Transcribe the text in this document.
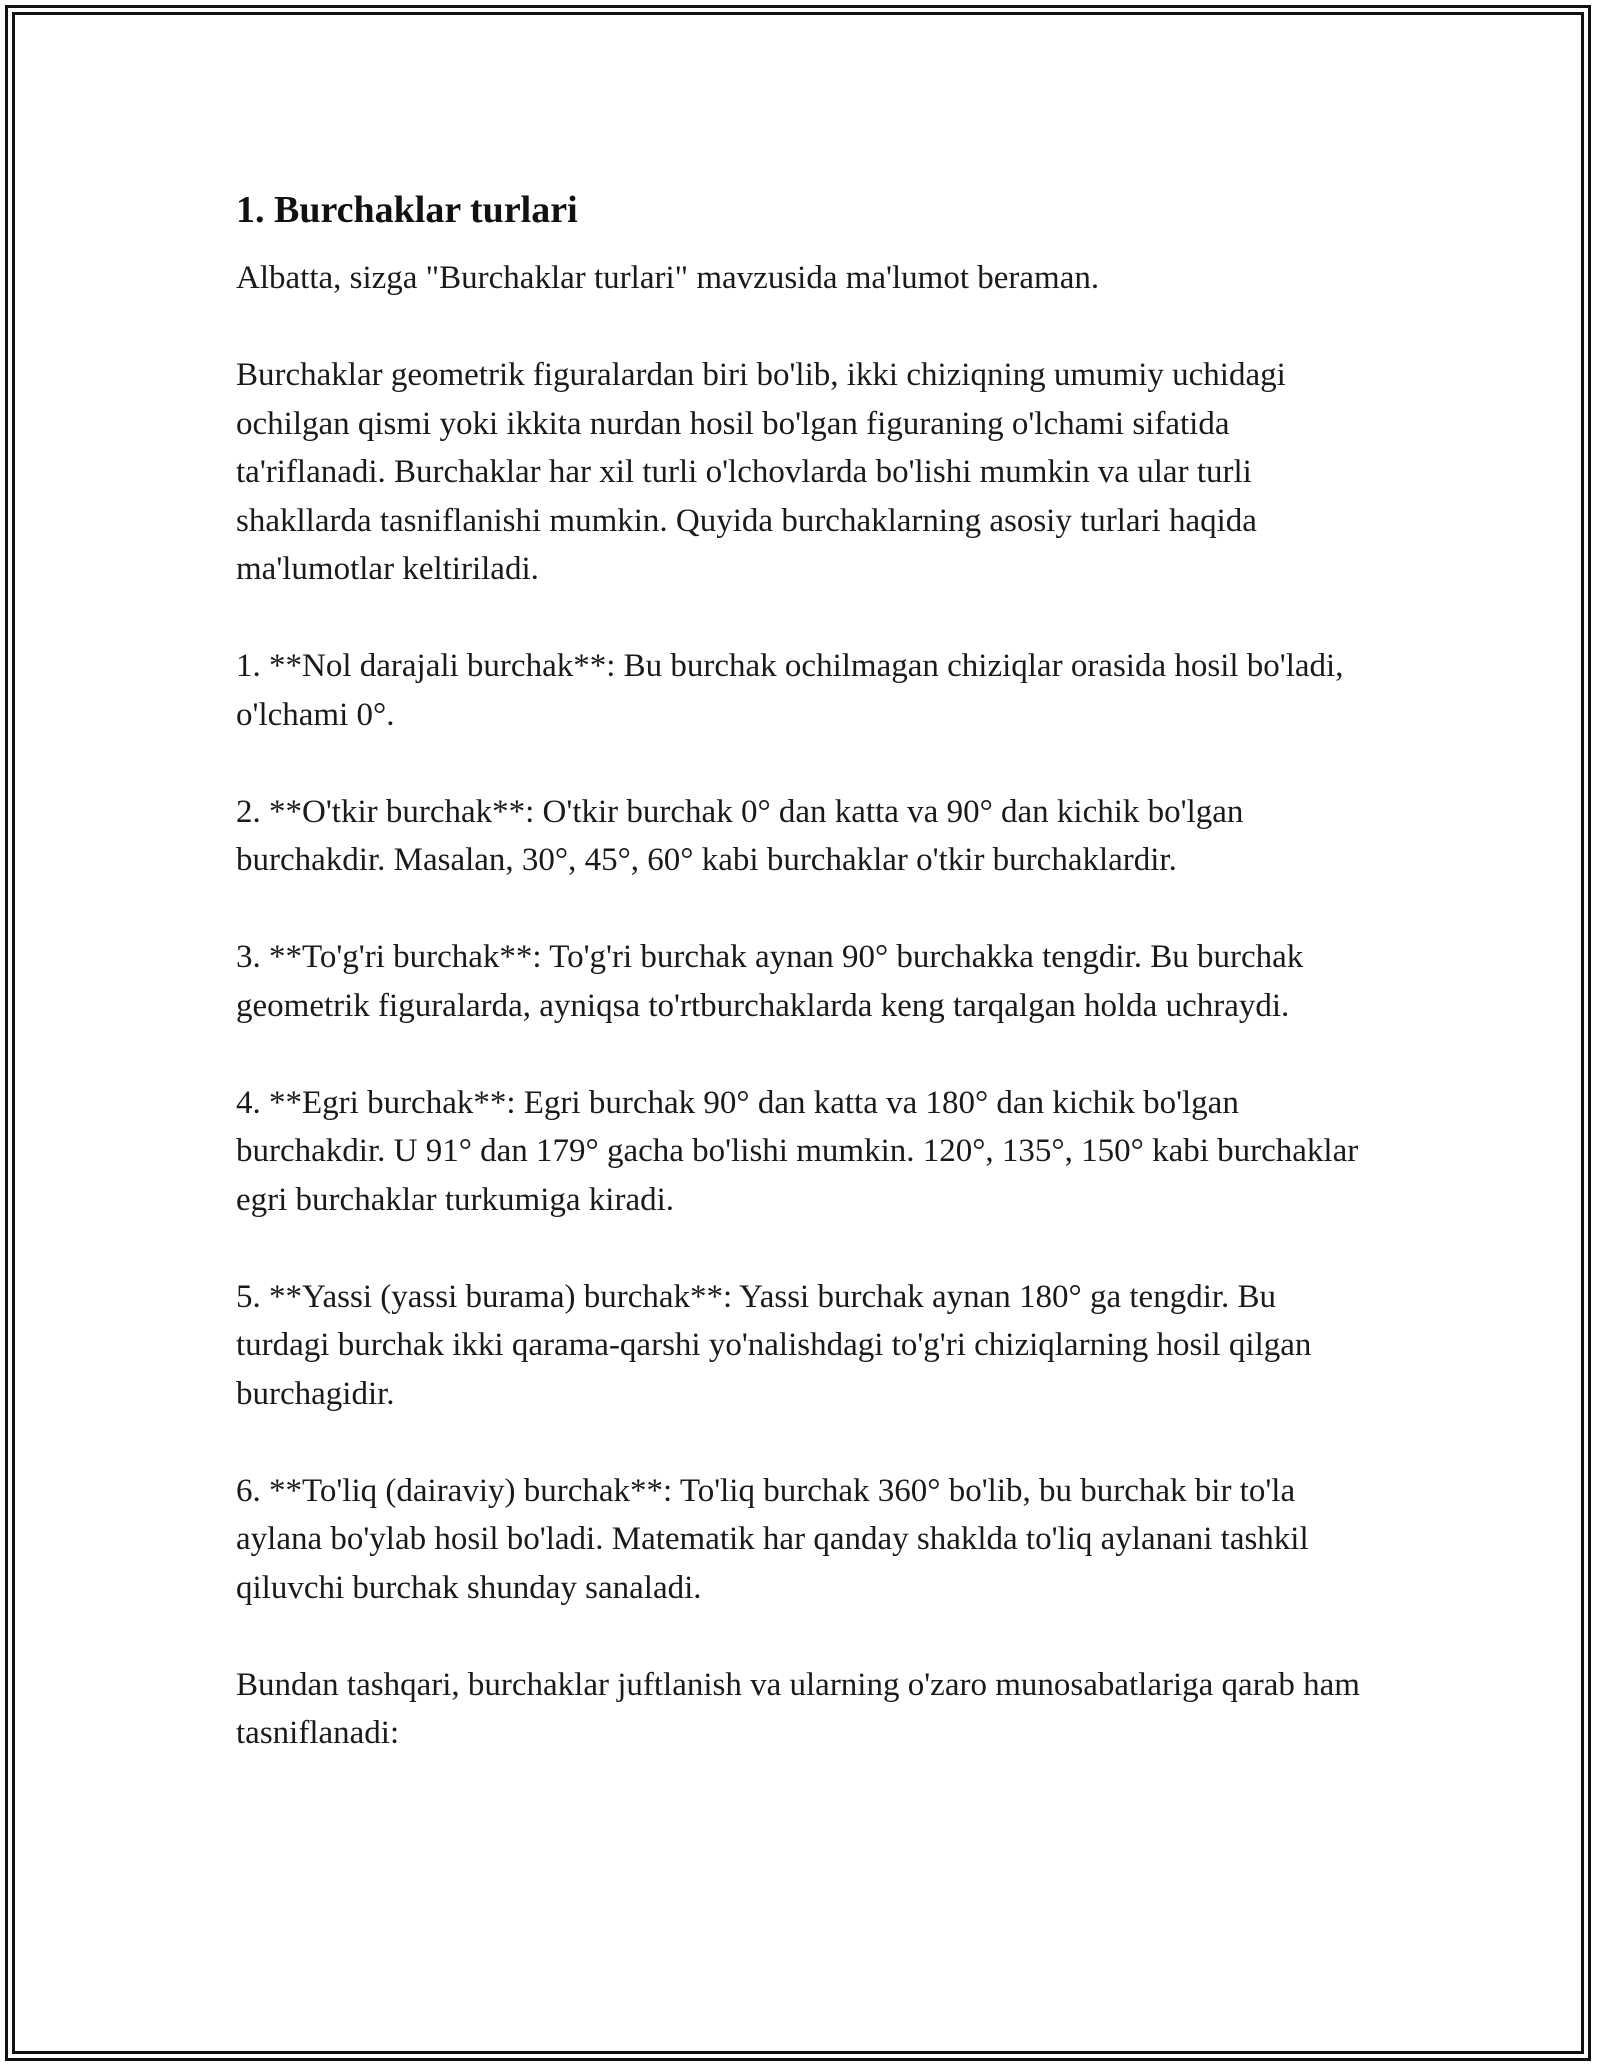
1. Burchaklar turlari

Albatta, sizga "Burchaklar turlari" mavzusida ma'lumot beraman.

Burchaklar geometrik figuralardan biri bo'lib, ikki chiziqning umumiy uchidagi ochilgan qismi yoki ikkita nurdan hosil bo'lgan figuraning o'lchami sifatida ta'riflanadi. Burchaklar har xil turli o'lchovlarda bo'lishi mumkin va ular turli shakllarda tasniflanishi mumkin. Quyida burchaklarning asosiy turlari haqida ma'lumotlar keltiriladi.

1. **Nol darajali burchak**: Bu burchak ochilmagan chiziqlar orasida hosil bo'ladi, o'lchami 0°.

2. **O'tkir burchak**: O'tkir burchak 0° dan katta va 90° dan kichik bo'lgan burchakdir. Masalan, 30°, 45°, 60° kabi burchaklar o'tkir burchaklardir.

3. **To'g'ri burchak**: To'g'ri burchak aynan 90° burchakka tengdir. Bu burchak geometrik figuralarda, ayniqsa to'rtburchaklarda keng tarqalgan holda uchraydi.

4. **Egri burchak**: Egri burchak 90° dan katta va 180° dan kichik bo'lgan burchakdir. U 91° dan 179° gacha bo'lishi mumkin. 120°, 135°, 150° kabi burchaklar egri burchaklar turkumiga kiradi.

5. **Yassi (yassi burama) burchak**: Yassi burchak aynan 180° ga tengdir. Bu turdagi burchak ikki qarama-qarshi yo'nalishdagi to'g'ri chiziqlarning hosil qilgan burchagidir.

6. **To'liq (dairaviy) burchak**: To'liq burchak 360° bo'lib, bu burchak bir to'la aylana bo'ylab hosil bo'ladi. Matematik har qanday shaklda to'liq aylanani tashkil qiluvchi burchak shunday sanaladi.

Bundan tashqari, burchaklar juftlanish va ularning o'zaro munosabatlariga qarab ham tasniflanadi:
